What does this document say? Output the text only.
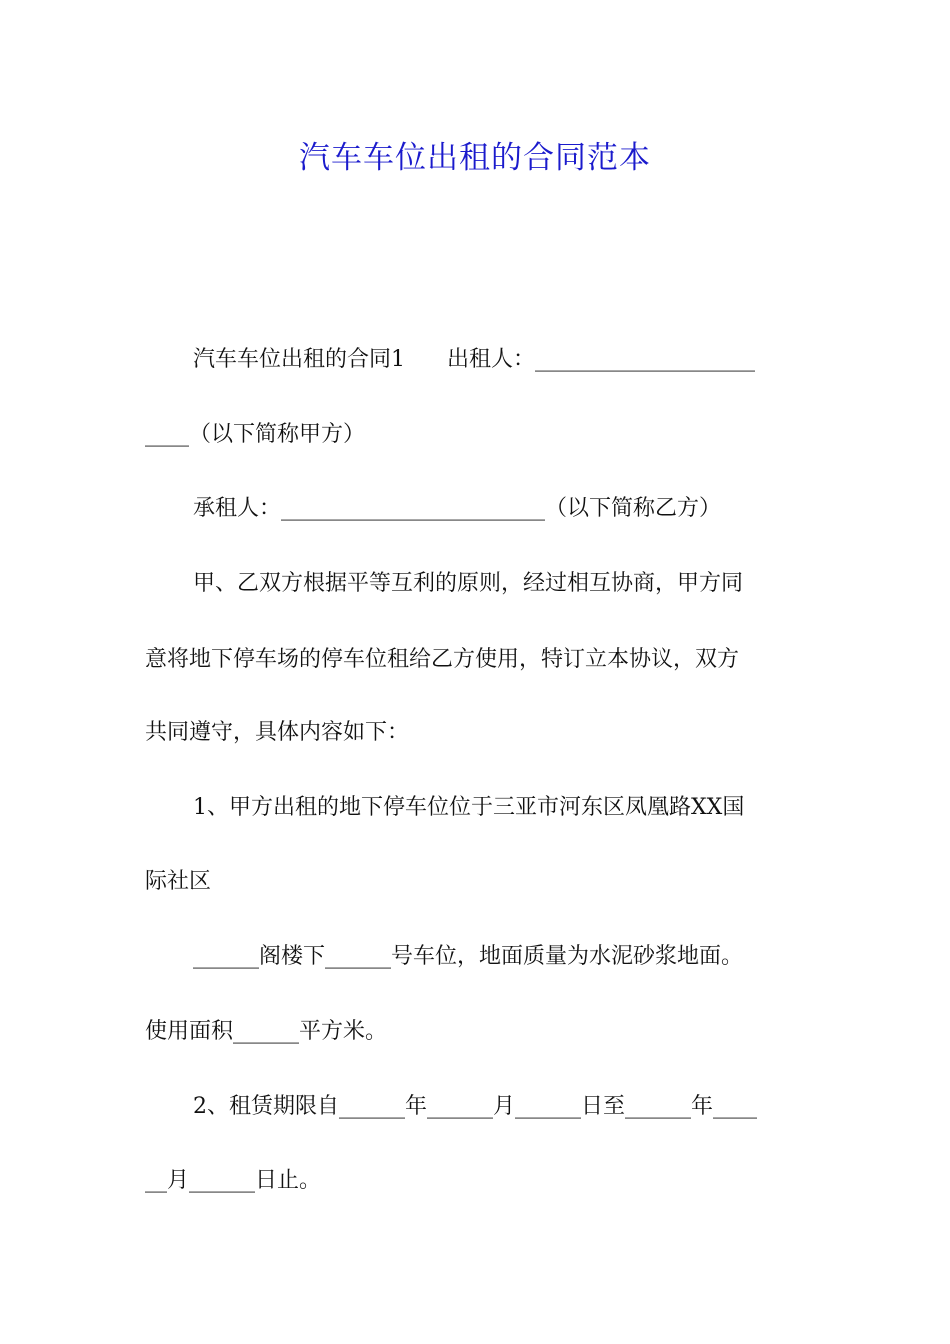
汽车车位出租的合同范本

汽车车位出租的合同1 出租人：____________________

____（以下简称甲方）

承租人：________________________（以下简称乙方）

甲、乙双方根据平等互利的原则，经过相互协商，甲方同

意将地下停车场的停车位租给乙方使用，特订立本协议，双方

共同遵守，具体内容如下：

1、甲方出租的地下停车位位于三亚市河东区凤凰路XX国

际社区

______阁楼下______号车位，地面质量为水泥砂浆地面。

使用面积______平方米。

2、租赁期限自______年______月______日至______年____

__月______日止。
